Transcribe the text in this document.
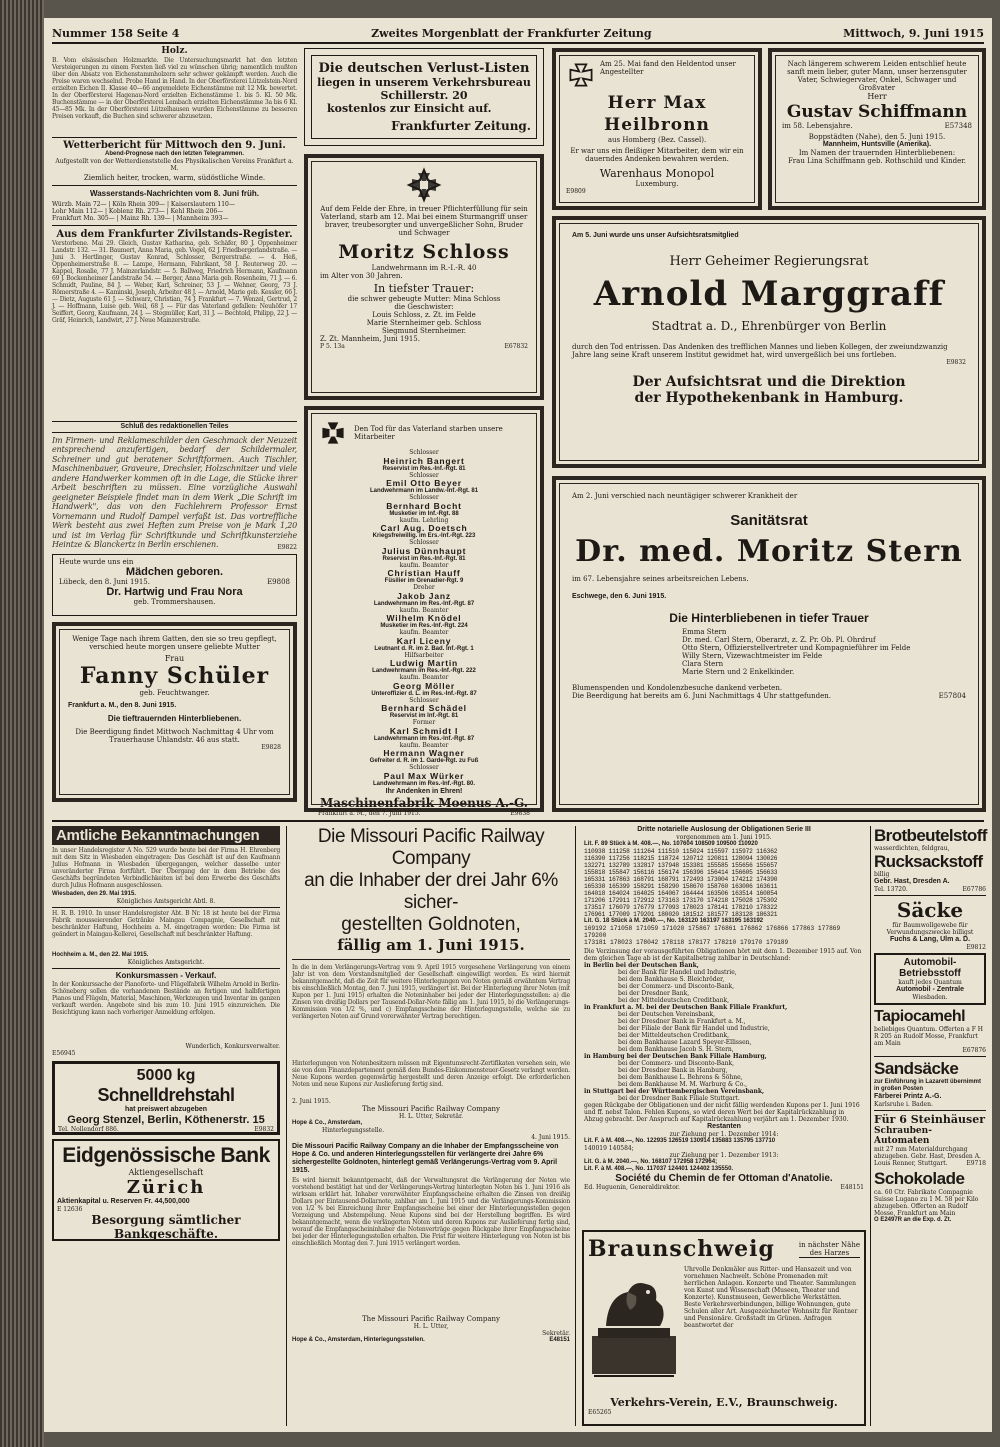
Nummer 158 Seite 4	Zweites Morgenblatt der Frankfurter Zeitung	Mittwoch, 9. Juni 1915
Holz.
B. Vom elsässischen Holzmarkte. Die Untersuchungsmarkt hat den letzten Versteigerungen zu einem Forsten ließ viel zu wünschen übrig; namentlich mußten über den Absatz von Eichenstammholzern sehr schwer gekämpft werden. Auch die Preise waren wechselnd. Probe Hand in Hand. In der Oberförsterei Lützelstein-Nord erzielten Eichen II. Klasse 40—66 angemeldete Eichenstämme mit 12 Mk. bewertet. In der Oberförsterei Hagenau-Nord erzielten Eichenstämme 1. bis 5. Kl. 50 Mk. Buchenstämme — in der Oberförsterei Lembach erzielten Eichenstämme 3a bis 6 Kl. 45—85 Mk. In der Oberförsterei Lützelhausen wurden Eichenstämme zu besseren Preisen verkauft, die Buchen sind schwerer abzusetzen.
Wetterbericht für Mittwoch den 9. Juni.
Abend-Prognose nach den letzten Telegrammen.
Aufgestellt von der Wetterdienststelle des Physikalischen Vereins Frankfurt a. M.
Ziemlich heiter, trocken, warm, südöstliche Winde.
Wasserstands-Nachrichten vom 8. Juni früh.
Würzb. Main 72— | Köln Rhein 309— | Kaiserslautern 110—
Lohr Main 112— | Koblenz Rh. 273— | Kehl Rhein 206—
Frankfurt Mn. 305— | Mainz Rh. 139— | Mannheim 393—
Aus dem Frankfurter Zivilstands-Register.
Verstorbene. Mai 29. Gleich, Gustav Katharina, geb. Schäfer, 80 J. Oppenheimer Landstr. 132. — 31. Baumert, Anna Maria, geb. Vogel, 62 J. Friedbergerlandstraße. — Juni 3. Hertlinger, Gustav Konrad, Schlosser, Bergerstraße. — 4. Heß, Oppenheimerstraße 8. — Lampe, Hermann, Fabrikant, 58 J. Reuterweg 20. — Kappel, Rosalie, 77 J. Mainzerlandstr. — 5. Ballweg, Friedrich Hermann, Kaufmann 69 J. Bockenheimer Landstraße 54. — Berger, Anna Maria geb. Rosenheim, 71 J. — 6. Schmidt, Pauline, 84 J. — Weber, Karl, Schreiner, 53 J. — Wehner, Georg, 73 J. Römerstraße 4. — Kaminski, Joseph, Arbeiter 48 J. — Arnold, Marie geb. Kessler, 66 J. — Dietz, Auguste 61 J. — Schwarz, Christian, 74 J. Frankfurt — 7. Wenzel, Gertrud, 2 J. — Hoffmann, Luise geb. Weil, 68 J. — Für das Vaterland gefallen: Neuhöfer 17 Seiffert, Georg, Kaufmann, 24 J. — Stegmüller, Karl, 31 J. — Bechtold, Philipp, 22 J. — Gräf, Heinrich, Landwirt, 27 J. Neue Mainzerstraße.
Schluß des redaktionellen Teiles
Im Firmen- und Reklameschilder den Geschmack der Neuzeit entsprechend anzufertigen, bedarf der Schildermaler, Schreiner und gut beratener Schriftformen. Auch Tischler, Maschinenbauer, Graveure, Drechsler, Holzschnitzer und viele andere Handwerker kommen oft in die Lage, die Stücke ihrer Arbeit beschriften zu müssen. Eine vorzügliche Auswahl geeigneter Beispiele findet man in dem Werk „Die Schrift im Handwerk", das von den Fachlehrern Professor Ernst Vornemann und Rudolf Dampel verfaßt ist. Das vortreffliche Werk besteht aus zwei Heften zum Preise von je Mark 1,20 und ist im Verlag für Schriftkunde und Schriftkunsterziehe Heintze & Blanckertz in Berlin erschienen.	E9822
Heute wurde uns ein
Mädchen geboren.
Lübeck, den 8. Juni 1915.	E9808
Dr. Hartwig und Frau Nora
geb. Trommershausen.
Wenige Tage nach ihrem Gatten, den sie so treu gepflegt, verschied heute morgen unsere geliebte Mutter
Frau
Fanny Schüler
geb. Feuchtwanger.
Frankfurt a. M., den 8. Juni 1915.
Die tieftrauernden Hinterbliebenen.
Die Beerdigung findet Mittwoch Nachmittag 4 Uhr vom Trauerhause Uhlandstr. 46 aus statt.
E9828
Die deutschen Verlust-Listen
liegen in unserem Verkehrsbureau Schillerstr. 20
kostenlos zur Einsicht auf.
Frankfurter Zeitung.
Auf dem Felde der Ehre, in treuer Pflichterfüllung für sein Vaterland, starb am 12. Mai bei einem Sturmangriff unser braver, treubesorgter und unvergeßlicher Sohn, Bruder und Schwager
Moritz Schloss
Landwehrmann im R.-I.-R. 40
im Alter von 30 Jahren.
In tiefster Trauer:
die schwer gebeugte Mutter: Mina Schloss
die Geschwister:
Louis Schloss, z. Zt. im Felde
Marie Sternheimer geb. Schloss
Siegmund Sternheimer.
Z. Zt. Mannheim, Juni 1915.
P 5. 13a	E67832
Den Tod für das Vaterland starben unsere Mitarbeiter
Schlosser
Heinrich Bangert
Reservist im Res.-Inf.-Rgt. 81
Schlosser
Emil Otto Beyer
Landwehrmann im Landw.-Inf.-Rgt. 81
Schlosser
Bernhard Bocht
Musketier im Inf.-Rgt. 88
kaufm. Lehrling
Carl Aug. Doetsch
Kriegsfreiwillig. im Ers.-Inf.-Rgt. 223
Schlosser
Julius Dünnhaupt
Reservist im Res.-Inf.-Rgt. 81
kaufm. Beamter
Christian Hauff
Füsilier im Grenadier-Rgt. 9
Dreher
Jakob Janz
Landwehrmann im Res.-Inf.-Rgt. 87
kaufm. Beamter
Wilhelm Knödel
Musketier im Res.-Inf.-Rgt. 224
kaufm. Beamter
Karl Liceny
Leutnant d. R. im 2. Bad. Inf.-Rgt. 1
Hilfsarbeiter
Ludwig Martin
Landwehrmann im Res.-Inf.-Rgt. 222
kaufm. Beamter
Georg Möller
Unteroffizier d. L. im Res.-Inf.-Rgt. 87
Schlosser
Bernhard Schädel
Reservist im Inf.-Rgt. 81
Former
Karl Schmidt I
Landwehrmann im Res.-Inf.-Rgt. 87
kaufm. Beamter
Hermann Wagner
Gefreiter d. R. im 1. Garde-Rgt. zu Fuß
Schlosser
Paul Max Würker
Landwehrmann im Res.-Inf.-Rgt. 80.
Ihr Andenken in Ehren!
Maschinenfabrik Moenus A.-G.
Frankfurt a. M., den 7. Juni 1915.	E9838
Am 25. Mai fand den Heldentod unser Angestellter
Herr Max Heilbronn
aus Homberg (Bez. Cassel).
Er war uns ein fleißiger Mitarbeiter, dem wir ein dauerndes Andenken bewahren werden.
Warenhaus Monopol
Luxemburg.
E9809
Nach längerem schwerem Leiden entschlief heute sanft mein lieber, guter Mann, unser herzensguter Vater, Schwiegervater, Onkel, Schwager und Großvater
Herr
Gustav Schiffmann
im 58. Lebensjahre.	E57348
Boppstädten (Nahe), den 5. Juni 1915.
Mannheim, Huntsville (Amerika).
Im Namen der trauernden Hinterbliebenen:
Frau Lina Schiffmann geb. Rothschild und Kinder.
Am 5. Juni wurde uns unser Aufsichtsratsmitglied
Herr Geheimer Regierungsrat
Arnold Marggraff
Stadtrat a. D., Ehrenbürger von Berlin
durch den Tod entrissen. Das Andenken des trefflichen Mannes und lieben Kollegen, der zweiundzwanzig Jahre lang seine Kraft unserem Institut gewidmet hat, wird unvergeßlich bei uns fortleben.
E9832
Der Aufsichtsrat und die Direktion
der Hypothekenbank in Hamburg.
Am 2. Juni verschied nach neuntägiger schwerer Krankheit der
Sanitätsrat
Dr. med. Moritz Stern
im 67. Lebensjahre seines arbeitsreichen Lebens.
Eschwege, den 6. Juni 1915.
Die Hinterbliebenen in tiefer Trauer
Emma Stern
Dr. med. Carl Stern, Oberarzt, z. Z. Pr. Ob. Pl. Ohrdruf
Otto Stern, Offizierstellvertreter und Kompagnieführer im Felde
Willy Stern, Vizewachtmeister im Felde
Clara Stern
Marie Stern und 2 Enkelkinder.
Blumenspenden und Kondolenzbesuche dankend verbeten.
Die Beerdigung hat bereits am 6. Juni Nachmittags 4 Uhr stattgefunden.	E57804
Amtliche Bekanntmachungen
In unser Handelsregister A No. 529 wurde heute bei der Firma H. Ehrenberg mit dem Sitz in Wiesbaden eingetragen: Das Geschäft ist auf den Kaufmann Julius Hofmann in Wiesbaden übergegangen, welcher dasselbe unter unveränderter Firma fortführt. Der Übergang der in dem Betriebe des Geschäfts begründeten Verbindlichkeiten ist bei dem Erwerbe des Geschäfts durch Julius Hofmann ausgeschlossen.
Wiesbaden, den 29. Mai 1915.
Königliches Amtsgericht Abtl. 8.
H. R. B. 1910. In unser Handelsregister Abt. B Nr. 18 ist heute bei der Firma Fabrik mousseierender Getränke Maingau Compagnie, Gesellschaft mit beschränkter Haftung, Hochheim a. M. eingetragen worden: Die Firma ist geändert in Maingau-Kellerei, Gesellschaft mit beschränkter Haftung.
Hochheim a. M., den 22. Mai 1915.
Königliches Amtsgericht.
Konkursmassen - Verkauf.
In der Konkurssache der Pianoforte- und Flügelfabrik Wilhelm Arnold in Berlin-Schöneberg sollen die vorhandenen Bestände an fertigen und halbfertigen Pianos und Flügeln, Material, Maschinen, Werkzeugen und Inventar im ganzen verkauft werden. Angebote sind bis zum 10. Juni 1915 einzureichen. Die Besichtigung kann nach vorheriger Anmeldung erfolgen.
Wunderlich, Konkursverwalter.
E56945
5000 kg
Schnelldrehstahl
hat preiswert abzugeben
Georg Stenzel, Berlin, Köthenerstr. 15
Tel. Nollendorf 886.	E9832
Eidgenössische Bank
Aktiengesellschaft
Zürich
Aktienkapital u. Reserven Fr. 44,500,000
E 12636
Besorgung sämtlicher Bankgeschäfte.
Die Missouri Pacific Railway Company
an die Inhaber der drei Jahr 6% sicher-
gestellten Goldnoten,
fällig am 1. Juni 1915.
In die in dem Verlängerungs-Vertrag vom 9. April 1915 vorgesehene Verlängerung von einem Jahr ist von dem Vorstandsmitglied der Gesellschaft eingewilligt worden. Es wird hiermit bekanntgemacht, daß die Zeit für weitere Hinterlegungen von Noten gemäß erwähntem Vertrag bis einschließlich Montag, den 7. Juni 1915, verlängert ist. Bei der Hinterlegung ihrer Noten (mit Kupon per 1. Juni 1915) erhalten die Noteninhaber bei jeder der Hinterlegungsstellen: a) die Zinsen von dreißig Dollars per Tausend-Dollar-Note fällig am 1. Juni 1915, b) die Verlängerungs-Kommission von 1/2 %, und c) Empfangsscheine der Hinterlegungsstelle, welche sie zu verlängerten Noten auf Grund vorerwähnter Vertrag berechtigen.
Hinterlegungen von Notenbesitzern müssen mit Eigentumsrecht-Zertifikaten versehen sein, wie sie von dem Finanzdepartement gemäß dem Bundes-Einkommensteuer-Gesetz verlangt werden. Neue Kupons werden gegenwärtig hergestellt und deren Anzeige erfolgt. Die erforderlichen Noten und neue Kupons zur Auslieferung fertig sind.
2. Juni 1915.
The Missouri Pacific Railway Company
H. L. Utter, Sekretär.
Hope & Co., Amsterdam,
Hinterlegungsstelle.
4. Juni 1915.
Die Missouri Pacific Railway Company an die Inhaber der Empfangsscheine von Hope & Co. und anderen Hinterlegungsstellen für verlängerte drei Jahre 6% sichergestellte Goldnoten, hinterlegt gemäß Verlängerungs-Vertrag vom 9. April 1915.
Es wird hiermit bekanntgemacht, daß der Verwaltungsrat die Verlängerung der Noten wie vorstehend bestätigt hat und der Verlängerungs-Vertrag hinterlegten Noten bis 1. Juni 1916 als wirksam erklärt hat. Inhaber vorerwähnter Empfangsscheine erhalten die Zinsen von dreißig Dollars per Eintausend-Dollarnote, zahlbar am 1. Juni 1915 und die Verlängerungs-Kommission von 1/2 % bei Einreichung ihrer Empfangsscheine bei einer der Hinterlegungsstellen gegen Vorzeigung und Abstempelung. Neue Kupons sind bei der Herstellung begriffen. Es wird bekanntgemacht, wenn die verlängerten Noten und deren Kupons zur Auslieferung fertig sind, worauf die Empfangsscheininhaber die Notenverträge gegen Rückgabe ihrer Empfangsscheine bei jeder der Hinterlegungsstellen erhalten. Die Frist für weitere Hinterlegung von Noten ist bis einschließlich Montag den 7. Juni 1915 verlängert worden.
The Missouri Pacific Railway Company
H. L. Utter,
Sekretär.
Hope & Co., Amsterdam, Hinterlegungsstellen.	E48151
Dritte notarielle Auslosung der Obligationen Serie III
vorgenommen am 1. Juni 1915.
Lit. F. 89 Stück à M. 408.—, No. 107604 108509 109500 110920
110938 111258 111264 111510 115024 115597 115972 116362
116390 117256 118215 118724 120712 120811 128094 130026
132271 132789 132817 137948 153381 155585 155656 155657
155818 155847 156116 156174 156396 156414 156605 156633
165331 167863 168791 168791 172493 173004 174212 174390
165338 165399 158291 158290 158670 158760 163006 163611
164018 164024 164025 164067 164444 163506 163514 160854
171206 172911 172912 173163 173170 174218 175028 175302
173517 176079 176779 177093 178023 178141 178210 178322
176961 177009 179201 180020 181512 181577 183128 186321
Lit. G. 18 Stück à M. 2040.—, No. 163120 163197 163195 163192
169192 171058 171059 171020 175867 176861 176862 176866 177863 177869 179200
173181 178023 178042 178118 178177 178210 179170 179189
Die Verzinsung der vorausgeführten Obligationen hört mit dem 1. Dezember 1915 auf. Von dem gleichen Tage ab ist der Kapitalbetrag zahlbar in Deutschland:
in Berlin bei der Deutschen Bank,
bei der Bank für Handel und Industrie,
bei dem Bankhause S. Bleichröder,
bei der Commerz- und Disconto-Bank,
bei der Dresdner Bank,
bei der Mitteldeutschen Creditbank,
in Frankfurt a. M. bei der Deutschen Bank Filiale Frankfurt,
bei der Deutschen Vereinsbank,
bei der Dresdner Bank in Frankfurt a. M.,
bei der Filiale der Bank für Handel und Industrie,
bei der Mitteldeutschen Creditbank,
bei dem Bankhause Lazard Speyer-Ellissen,
bei dem Bankhause Jacob S. H. Stern,
in Hamburg bei der Deutschen Bank Filiale Hamburg,
bei der Commerz- und Disconto-Bank,
bei der Dresdner Bank in Hamburg,
bei dem Bankhause L. Behrens & Söhne,
bei dem Bankhause M. M. Warburg & Co.,
in Stuttgart bei der Württembergischen Vereinsbank,
bei der Dresdner Bank Filiale Stuttgart.
gegen Rückgabe der Obligationen und der nicht fällig werdenden Kupons per 1. Juni 1916 und ff. nebst Talon. Fehlen Kupons, so wird deren Wert bei der Kapitalrückzahlung in Abzug gebracht. Der Anspruch auf Kapitalrückzahlung verjährt am 1. Dezember 1930.
Restanten
zur Ziehung per 1. Dezember 1914:
Lit. F. à M. 408.—, No. 122935 126519 130914 135883 135795 137710
140019 140584;
zur Ziehung per 1. Dezember 1913:
Lit. G. à M. 2040.—, No. 168107 172958 172964;
Lit. F. à M. 408.—, No. 117037 124401 124402 135550.
Société du Chemin de fer Ottoman d'Anatolie.
Ed. Huguenin, Generaldirektor.	E48151
Braunschweig	in nächster Nähe
des Harzes
Uhrvolle Denkmäler aus Ritter- und Hansazeit und von vornehmen Nachwelt. Schöne Promenaden mit herrlichen Anlagen. Konzerte und Theater. Sammlungen von Kunst und Wissenschaft (Museen, Theater und Konzerte). Kunstmuseen, Gewerbliche Werkstätten. Beste Verkehrsverbindungen, billige Wohnungen, gute Schulen aller Art. Ausgezeichneter Wohnsitz für Rentner und Pensionäre. Großstadt im Grünen. Anfragen beantwortet der
Verkehrs-Verein, E.V., Braunschweig.
E65265
Brotbeutelstoff
wasserdichten, feldgrau,
Rucksackstoff
billig
Gebr. Hast, Dresden A.
Tel. 13720.	E67786
Säcke
für Baumwollgewebe für Verwundungszwecke billigst
Fuchs & Lang, Ulm a. D.
E9812
Automobil-Betriebsstoff
kauft jedes Quantum
Automobil - Zentrale
Wiesbaden.
Tapiocamehl
beliebiges Quantum. Offerten a F H R 205 an Rudolf Mosse, Frankfurt am Main
E67876
Sandsäcke
zur Einführung in Lazarett übernimmt in großen Posten
Färberei Printz A.-G.
Karlsruhe i. Baden.
Für 6 Steinhäuser
Schrauben-Automaten
mit 27 mm Materialdurchgang abzugeben. Gebr. Hast, Dresden A.
Louis Renner, Stuttgart.	E9718
Schokolade
ca. 60 Ctr. Fabrikate Compagnie Suisse Lugano zu 1 M. 58 per Kilo abzugeben. Offerten an Rudolf Mosse, Frankfurt am Main
O E2497R an die Exp. d. Zt.
